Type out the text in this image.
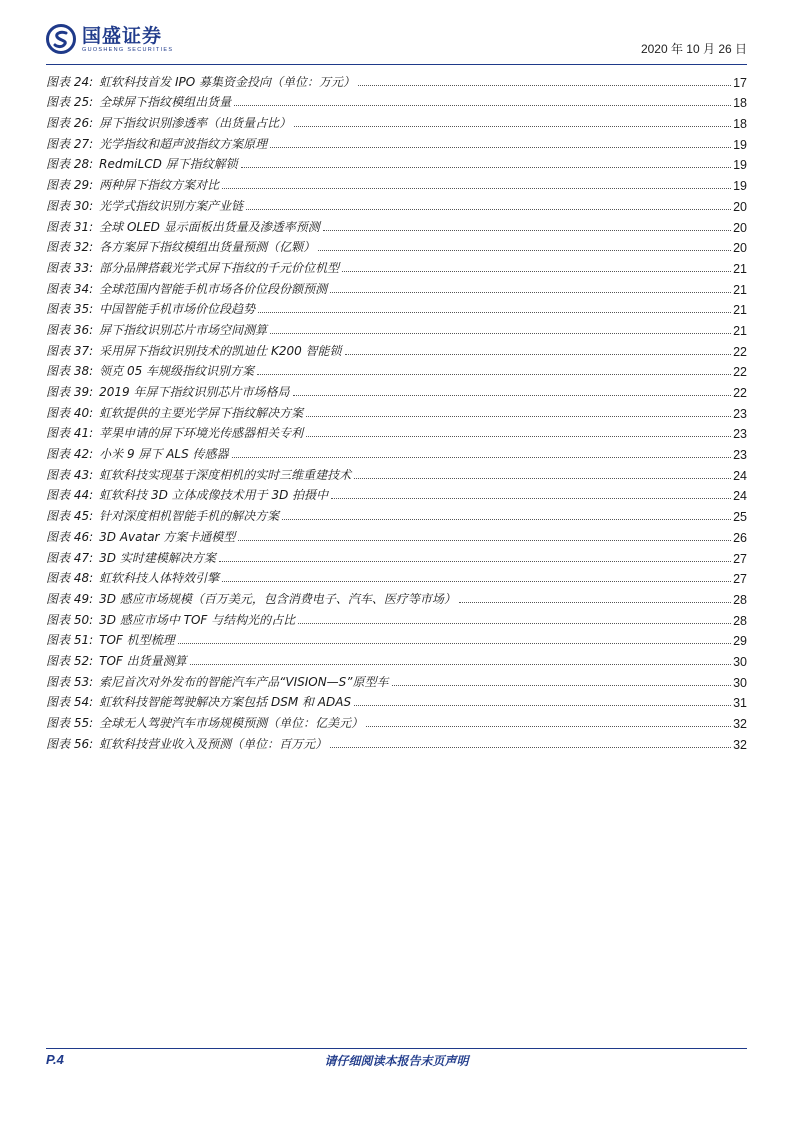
国盛证券
GUOSHENG SECURITIES	2020 年 10 月 26 日
图表 24: 虹软科技首发 IPO 募集资金投向（单位：万元）	17
图表 25: 全球屏下指纹模组出货量	18
图表 26: 屏下指纹识别渗透率（出货量占比）	18
图表 27: 光学指纹和超声波指纹方案原理	19
图表 28: RedmiLCD 屏下指纹解锁	19
图表 29: 两种屏下指纹方案对比	19
图表 30: 光学式指纹识别方案产业链	20
图表 31: 全球 OLED 显示面板出货量及渗透率预测	20
图表 32: 各方案屏下指纹模组出货量预测（亿颗）	20
图表 33: 部分品牌搭载光学式屏下指纹的千元价位机型	21
图表 34: 全球范围内智能手机市场各价位段份额预测	21
图表 35: 中国智能手机市场价位段趋势	21
图表 36: 屏下指纹识别芯片市场空间测算	21
图表 37: 采用屏下指纹识别技术的凯迪仕 K200 智能锁	22
图表 38: 领克 05 车规级指纹识别方案	22
图表 39: 2019 年屏下指纹识别芯片市场格局	22
图表 40: 虹软提供的主要光学屏下指纹解决方案	23
图表 41: 苹果申请的屏下环境光传感器相关专利	23
图表 42: 小米 9 屏下 ALS 传感器	23
图表 43: 虹软科技实现基于深度相机的实时三维重建技术	24
图表 44: 虹软科技 3D 立体成像技术用于 3D 拍摄中	24
图表 45: 针对深度相机智能手机的解决方案	25
图表 46: 3D Avatar 方案卡通模型	26
图表 47: 3D 实时建模解决方案	27
图表 48: 虹软科技人体特效引擎	27
图表 49: 3D 感应市场规模（百万美元，包含消费电子、汽车、医疗等市场）	28
图表 50: 3D 感应市场中 TOF 与结构光的占比	28
图表 51: TOF 机型梳理	29
图表 52: TOF 出货量测算	30
图表 53: 索尼首次对外发布的智能汽车产品“VISION—S”原型车	30
图表 54: 虹软科技智能驾驶解决方案包括 DSM 和 ADAS	31
图表 55: 全球无人驾驶汽车市场规模预测（单位：亿美元）	32
图表 56: 虹软科技营业收入及预测（单位：百万元）	32
P.4	请仔细阅读本报告末页声明
